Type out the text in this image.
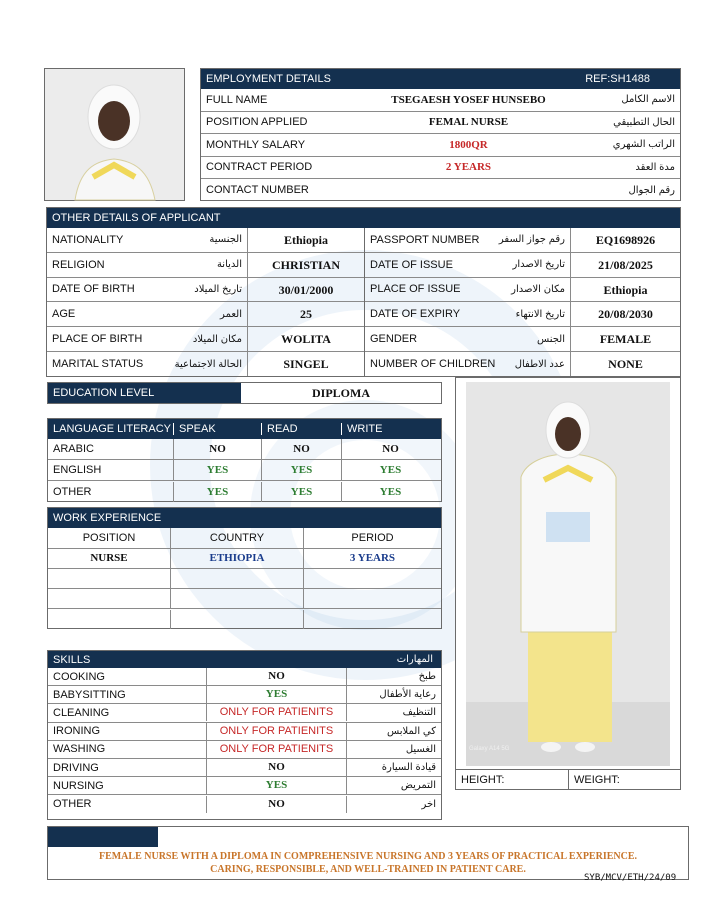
EMPLOYMENT DETAILS	REF:SH1488
FULL NAME	TSEGAESH YOSEF HUNSEBO	الاسم الكامل
POSITION APPLIED	FEMAL NURSE	الحال التطبيقي
MONTHLY SALARY	1800QR	الراتب الشهري
CONTRACT PERIOD	2 YEARS	مدة العقد
CONTACT NUMBER	رقم الجوال
OTHER DETAILS OF APPLICANT
NATIONALITY	الجنسية	Ethiopia
RELIGION	الديانة	CHRISTIAN
DATE OF BIRTH	تاريخ الميلاد	30/01/2000
AGE	العمر	25
PLACE OF BIRTH	مكان الميلاد	WOLITA
MARITAL STATUS	الحالة الاجتماعية	SINGEL
PASSPORT NUMBER	رقم جواز السفر	EQ1698926
DATE OF ISSUE	تاريخ الاصدار	21/08/2025
PLACE OF ISSUE	مكان الاصدار	Ethiopia
DATE OF EXPIRY	تاريخ الانتهاء	20/08/2030
GENDER	الجنس	FEMALE
NUMBER OF CHILDREN	عدد الاطفال	NONE
EDUCATION LEVEL	DIPLOMA
LANGUAGE LITERACY SPEAK	READ	WRITE
ARABIC	NO	NO	NO
ENGLISH	YES	YES	YES
OTHER	YES	YES	YES
WORK EXPERIENCE
POSITION	COUNTRY	PERIOD
NURSE	ETHIOPIA	3 YEARS
SKILLS	المهارات
COOKING	NO	طبخ
BABYSITTING	YES	رعاية الأطفال
CLEANING	ONLY FOR PATIENITS	التنظيف
IRONING	ONLY FOR PATIENITS	كي الملابس
WASHING	ONLY FOR PATIENITS	الغسيل
DRIVING	NO	قيادة السيارة
NURSING	YES	التمريض
OTHER	NO	اخر
Galaxy A14 5G
HEIGHT:	WEIGHT:
FEMALE NURSE WITH A DIPLOMA IN COMPREHENSIVE NURSING AND 3 YEARS OF PRACTICAL EXPERIENCE. CARING, RESPONSIBLE, AND WELL-TRAINED IN PATIENT CARE.
SYB/MCV/ETH/24/09
